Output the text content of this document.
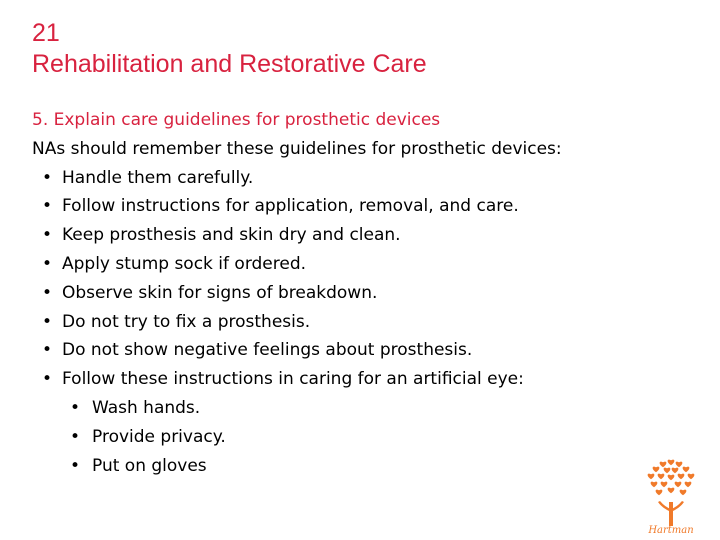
21
Rehabilitation and Restorative Care
5. Explain care guidelines for prosthetic devices
NAs should remember these guidelines for prosthetic devices:
• Handle them carefully.
• Follow instructions for application, removal, and care.
• Keep prosthesis and skin dry and clean.
• Apply stump sock if ordered.
• Observe skin for signs of breakdown.
• Do not try to fix a prosthesis.
• Do not show negative feelings about prosthesis.
• Follow these instructions in caring for an artificial eye:
• Wash hands.
• Provide privacy.
• Put on gloves
Hartman
